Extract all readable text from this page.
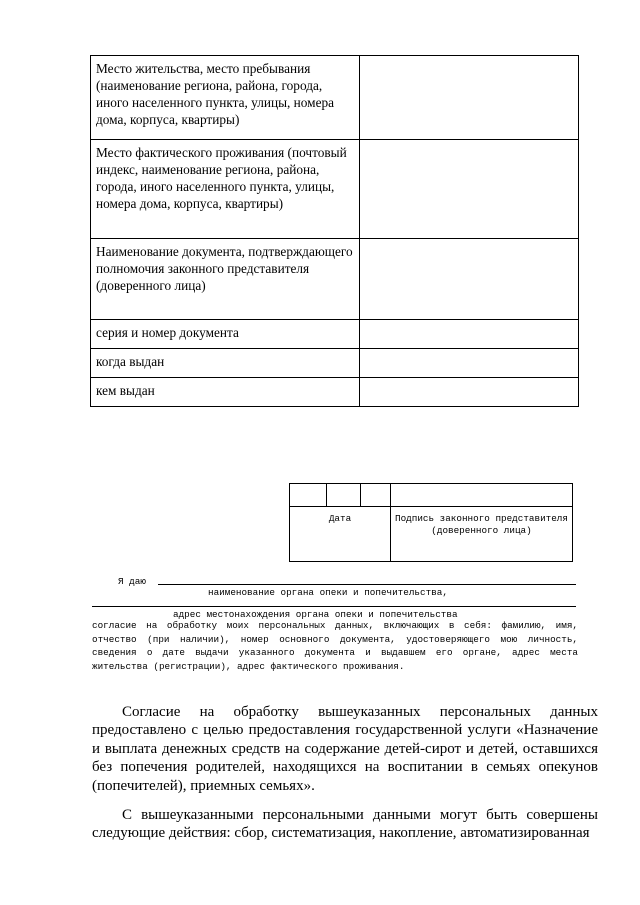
Место жительства, место пребывания (наименование региона, района, города, иного населенного пункта, улицы, номера дома, корпуса, квартиры)	
Место фактического проживания (почтовый индекс, наименование региона, района, города, иного населенного пункта, улицы, номера дома, корпуса, квартиры)	
Наименование документа, подтверждающего полномочия законного представителя (доверенного лица)	
серия и номер документа	
когда выдан	
кем выдан	

Дата			Подпись законного представителя (доверенного лица)
Я даю
наименование органа опеки и попечительства,
адрес местонахождения органа опеки и попечительства

согласие на обработку моих персональных данных, включающих в себя: фамилию, имя, отчество (при наличии), номер основного документа, удостоверяющего мою личность, сведения о дате выдачи указанного документа и выдавшем его органе, адрес места жительства (регистрации), адрес фактического проживания.

Согласие на обработку вышеуказанных персональных данных предоставлено с целью предоставления государственной услуги «Назначение и выплата денежных средств на содержание детей-сирот и детей, оставшихся без попечения родителей, находящихся на воспитании в семьях опекунов (попечителей), приемных семьях».

С вышеуказанными персональными данными могут быть совершены следующие действия: сбор, систематизация, накопление, автоматизированная
